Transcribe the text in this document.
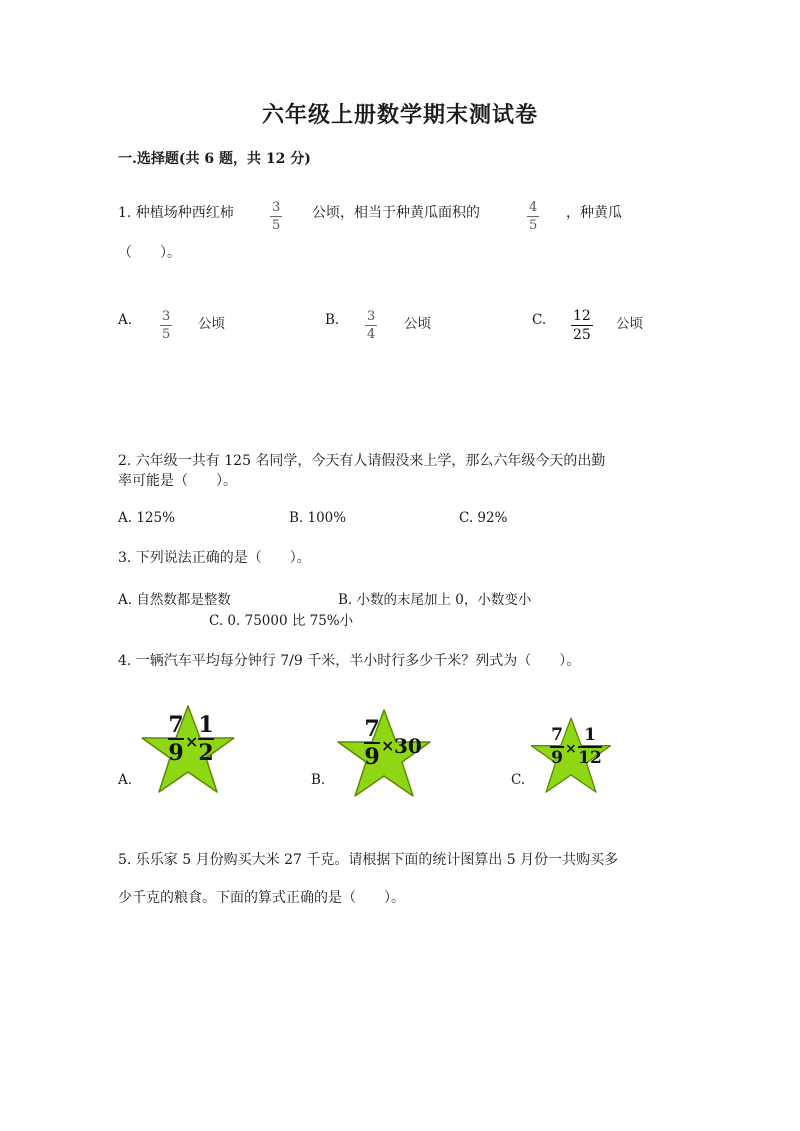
六年级上册数学期末测试卷
一.选择题(共 6 题，共 12 分)
1. 种植场种西红柿	$\frac{3}{5}$ 公顷，相当于种黄瓜面积的	$\frac{4}{5}$ ，种黄瓜
（　　）。
A. $\frac{3}{5}$ 公顷	B. $\frac{3}{4}$ 公顷	C. $\frac{12}{25}$ 公顷
2. 六年级一共有 125 名同学，今天有人请假没来上学，那么六年级今天的出勤
率可能是（　　）。
A. 125%	B. 100%	C. 92%
3. 下列说法正确的是（　　）。
A. 自然数都是整数	B. 小数的末尾加上 0，小数变小
C. 0. 75000 比 75%小
4. 一辆汽车平均每分钟行 7/9 千米，半小时行多少千米？列式为（　　）。
A.
7
9 ×
1
2
B.
7
9 × 30
C.
7
9 ×
1
12
5. 乐乐家 5 月份购买大米 27 千克。请根据下面的统计图算出 5 月份一共购买多
少千克的粮食。下面的算式正确的是（　　）。
